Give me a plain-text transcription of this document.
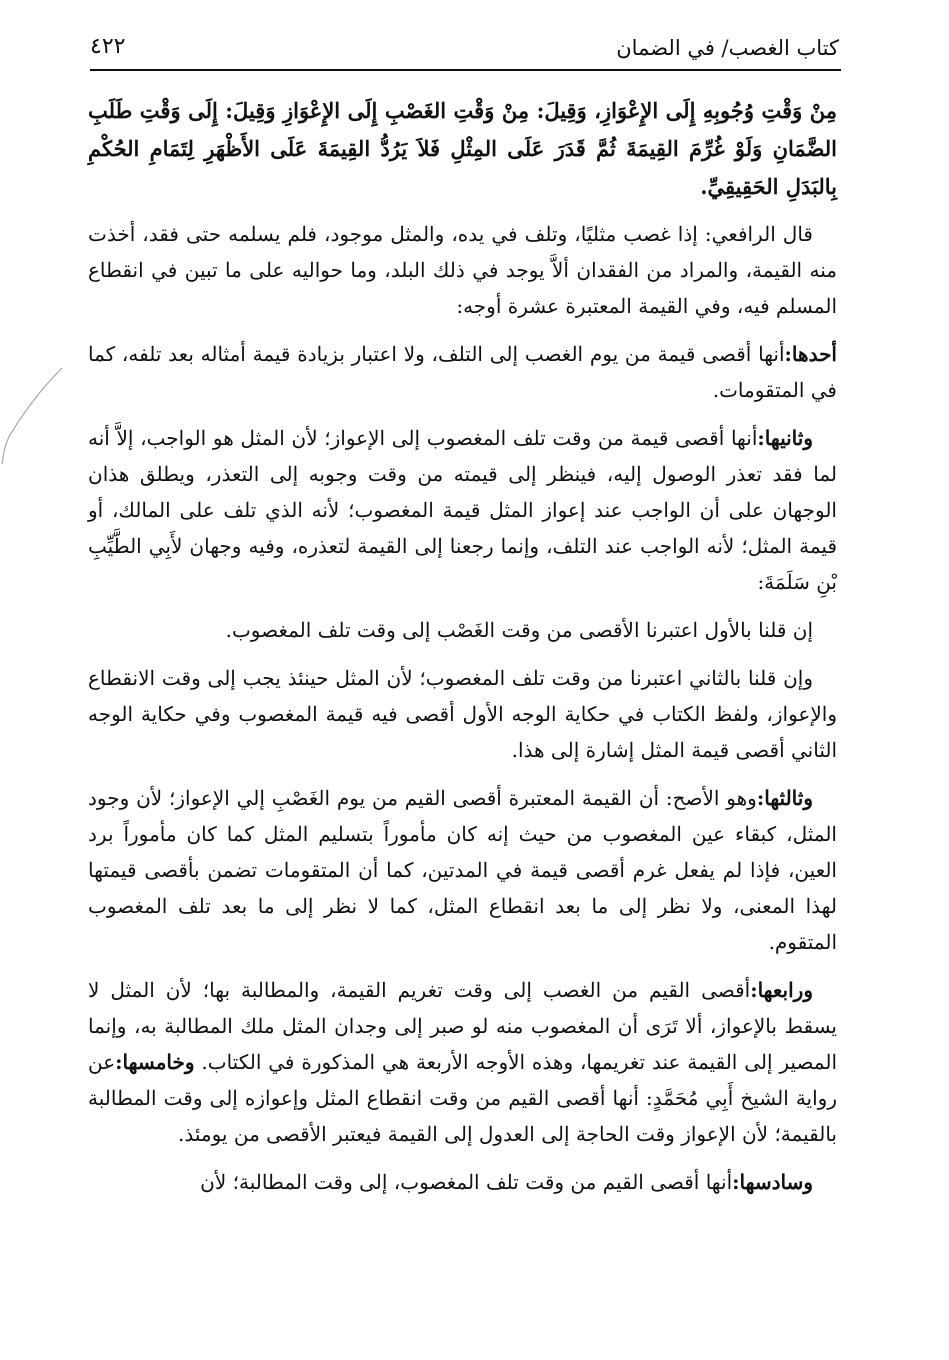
كتاب الغصب/ في الضمان
٤٢٢
مِنْ وَقْتِ وُجُوبِهِ إِلَى الإِعْوَازِ، وَقِيلَ: مِنْ وَقْتِ الغَصْبِ إِلَى الإِعْوَازِ وَقِيلَ: إِلَى وَقْتِ طَلَبِ الضَّمَانِ وَلَوْ غُرِّمَ القِيمَةَ ثُمَّ قَدَرَ عَلَى المِثْلِ فَلاَ يَرُدُّ القِيمَةَ عَلَى الأَظْهَرِ لِتَمَامِ الحُكْمِ بِالبَدَلِ الحَقِيقِيِّ.

قال الرافعي: إذا غصب مثليًا، وتلف في يده، والمثل موجود، فلم يسلمه حتى فقد، أخذت منه القيمة، والمراد من الفقدان ألاَّ يوجد في ذلك البلد، وما حواليه على ما تبين في انقطاع المسلم فيه، وفي القيمة المعتبرة عشرة أوجه:

أحدها:أنها أقصى قيمة من يوم الغصب إلى التلف، ولا اعتبار بزيادة قيمة أمثاله بعد تلفه، كما في المتقومات.

وثانيها:أنها أقصى قيمة من وقت تلف المغصوب إلى الإعواز؛ لأن المثل هو الواجب، إلاَّ أنه لما فقد تعذر الوصول إليه، فينظر إلى قيمته من وقت وجوبه إلى التعذر، ويطلق هذان الوجهان على أن الواجب عند إعواز المثل قيمة المغصوب؛ لأنه الذي تلف على المالك، أو قيمة المثل؛ لأنه الواجب عند التلف، وإنما رجعنا إلى القيمة لتعذره، وفيه وجهان لأَبِي الطَّيِّبِ بْنِ سَلَمَةَ:

إن قلنا بالأول اعتبرنا الأقصى من وقت الغَصْب إلى وقت تلف المغصوب.

وإن قلنا بالثاني اعتبرنا من وقت تلف المغصوب؛ لأن المثل حينئذ يجب إلى وقت الانقطاع والإعواز، ولفظ الكتاب في حكاية الوجه الأول أقصى فيه قيمة المغصوب وفي حكاية الوجه الثاني أقصى قيمة المثل إشارة إلى هذا.

وثالثها:وهو الأصح: أن القيمة المعتبرة أقصى القيم من يوم الغَصْبِ إلي الإعواز؛ لأن وجود المثل، كبقاء عين المغصوب من حيث إنه كان مأموراً بتسليم المثل كما كان مأموراً برد العين، فإذا لم يفعل غرم أقصى قيمة في المدتين، كما أن المتقومات تضمن بأقصى قيمتها لهذا المعنى، ولا نظر إلى ما بعد انقطاع المثل، كما لا نظر إلى ما بعد تلف المغصوب المتقوم.

ورابعها:أقصى القيم من الغصب إلى وقت تغريم القيمة، والمطالبة بها؛ لأن المثل لا يسقط بالإعواز، ألا تَرَى أن المغصوب منه لو صبر إلى وجدان المثل ملك المطالبة به، وإنما المصير إلى القيمة عند تغريمها، وهذه الأوجه الأربعة هي المذكورة في الكتاب. وخامسها:عن رواية الشيخ أَبِي مُحَمَّدٍ: أنها أقصى القيم من وقت انقطاع المثل وإعوازه إلى وقت المطالبة بالقيمة؛ لأن الإعواز وقت الحاجة إلى العدول إلى القيمة فيعتبر الأقصى من يومئذ.

وسادسها:أنها أقصى القيم من وقت تلف المغصوب، إلى وقت المطالبة؛ لأن
